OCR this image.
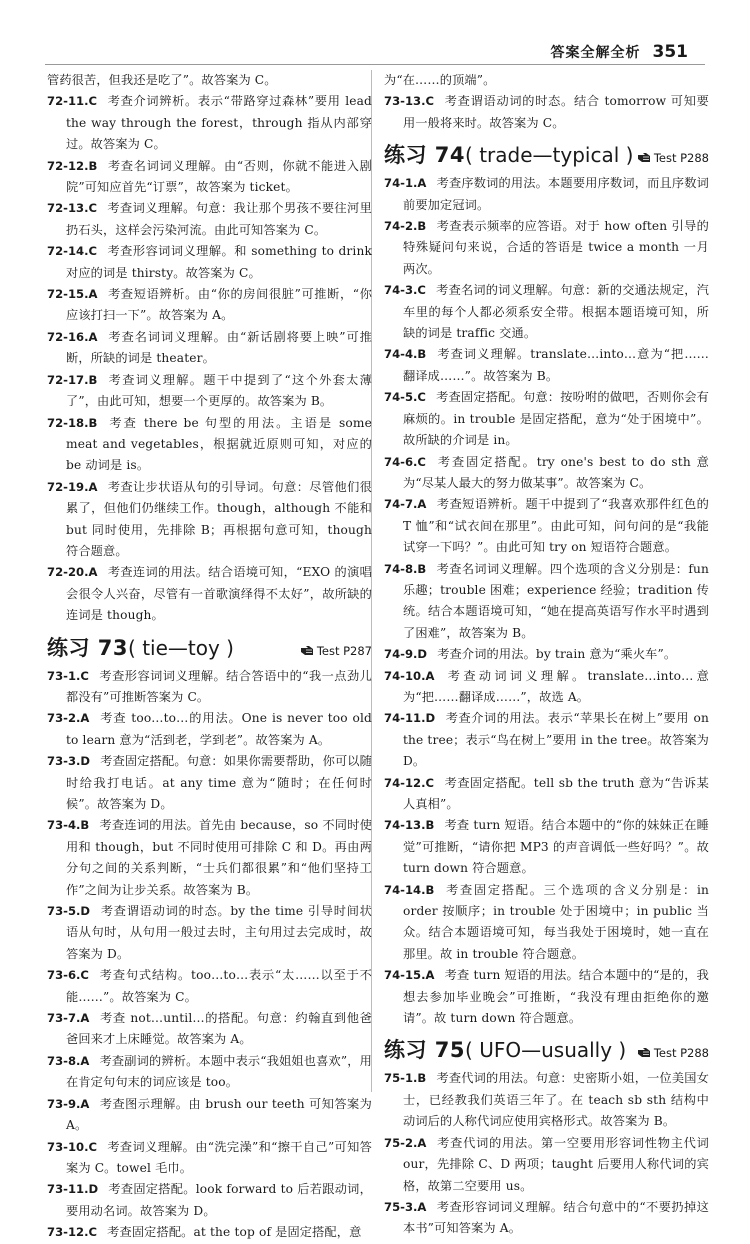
答案全解全析 351

管药很苦，但我还是吃了”。故答案为 C。

72-11.C 考查介词辨析。表示“带路穿过森林”要用 lead the way through the forest，through 指从内部穿过。故答案为 C。

72-12.B 考查名词词义理解。由“否则，你就不能进入剧院”可知应首先“订票”，故答案为 ticket。

72-13.C 考查词义理解。句意：我让那个男孩不要往河里扔石头，这样会污染河流。由此可知答案为 C。

72-14.C 考查形容词词义理解。和 something to drink 对应的词是 thirsty。故答案为 C。

72-15.A 考查短语辨析。由“你的房间很脏”可推断，“你应该打扫一下”。故答案为 A。

72-16.A 考查名词词义理解。由“新话剧将要上映”可推断，所缺的词是 theater。

72-17.B 考查词义理解。题干中提到了“这个外套太薄了”，由此可知，想要一个更厚的。故答案为 B。

72-18.B 考查 there be 句型的用法。主语是 some meat and vegetables，根据就近原则可知，对应的 be 动词是 is。

72-19.A 考查让步状语从句的引导词。句意：尽管他们很累了，但他们仍继续工作。though，although 不能和 but 同时使用，先排除 B；再根据句意可知，though 符合题意。

72-20.A 考查连词的用法。结合语境可知，“EXO 的演唱会很令人兴奋，尽管有一首歌演绎得不太好”，故所缺的连词是 though。

练习 73 ( tie—toy )	Test P287

73-1.C 考查形容词词义理解。结合答语中的“我一点劲儿都没有”可推断答案为 C。

73-2.A 考查 too…to…的用法。One is never too old to learn 意为“活到老，学到老”。故答案为 A。

73-3.D 考查固定搭配。句意：如果你需要帮助，你可以随时给我打电话。at any time 意为“随时；在任何时候”。故答案为 D。

73-4.B 考查连词的用法。首先由 because，so 不同时使用和 though，but 不同时使用可排除 C 和 D。再由两分句之间的关系判断，“士兵们都很累”和“他们坚持工作”之间为让步关系。故答案为 B。

73-5.D 考查谓语动词的时态。by the time 引导时间状语从句时，从句用一般过去时，主句用过去完成时，故答案为 D。

73-6.C 考查句式结构。too…to…表示“太……以至于不能……”。故答案为 C。

73-7.A 考查 not…until…的搭配。句意：约翰直到他爸爸回来才上床睡觉。故答案为 A。

73-8.A 考查副词的辨析。本题中表示“我姐姐也喜欢”，用在肯定句句末的词应该是 too。

73-9.A 考查图示理解。由 brush our teeth 可知答案为 A。

73-10.C 考查词义理解。由“洗完澡”和“擦干自己”可知答案为 C。towel 毛巾。

73-11.D 考查固定搭配。look forward to 后若跟动词，要用动名词。故答案为 D。

73-12.C 考查固定搭配。at the top of 是固定搭配，意

为“在……的顶端”。

73-13.C 考查谓语动词的时态。结合 tomorrow 可知要用一般将来时。故答案为 C。

练习 74 ( trade—typical ) Test P288

74-1.A 考查序数词的用法。本题要用序数词，而且序数词前要加定冠词。

74-2.B 考查表示频率的应答语。对于 how often 引导的特殊疑问句来说，合适的答语是 twice a month 一月两次。

74-3.C 考查名词的词义理解。句意：新的交通法规定，汽车里的每个人都必须系安全带。根据本题语境可知，所缺的词是 traffic 交通。

74-4.B 考查词义理解。translate…into…意为“把……翻译成……”。故答案为 B。

74-5.C 考查固定搭配。句意：按吩咐的做吧，否则你会有麻烦的。in trouble 是固定搭配，意为“处于困境中”。故所缺的介词是 in。

74-6.C 考查固定搭配。try one's best to do sth 意为“尽某人最大的努力做某事”。故答案为 C。

74-7.A 考查短语辨析。题干中提到了“我喜欢那件红色的 T 恤”和“试衣间在那里”。由此可知，问句问的是“我能试穿一下吗？”。由此可知 try on 短语符合题意。

74-8.B 考查名词词义理解。四个选项的含义分别是：fun 乐趣；trouble 困难；experience 经验；tradition 传统。结合本题语境可知，“她在提高英语写作水平时遇到了困难”，故答案为 B。

74-9.D 考查介词的用法。by train 意为“乘火车”。

74-10.A 考查动词词义理解。translate…into…意为“把……翻译成……”，故选 A。

74-11.D 考查介词的用法。表示“苹果长在树上”要用 on the tree；表示“鸟在树上”要用 in the tree。故答案为 D。

74-12.C 考查固定搭配。tell sb the truth 意为“告诉某人真相”。

74-13.B 考查 turn 短语。结合本题中的“你的妹妹正在睡觉”可推断，“请你把 MP3 的声音调低一些好吗？”。故 turn down 符合题意。

74-14.B 考查固定搭配。三个选项的含义分别是：in order 按顺序；in trouble 处于困境中；in public 当众。结合本题语境可知，每当我处于困境时，她一直在那里。故 in trouble 符合题意。

74-15.A 考查 turn 短语的用法。结合本题中的“是的，我想去参加毕业晚会”可推断，“我没有理由拒绝你的邀请”。故 turn down 符合题意。

练习 75 ( UFO—usually ) Test P288

75-1.B 考查代词的用法。句意：史密斯小姐，一位美国女士，已经教我们英语三年了。在 teach sb sth 结构中动词后的人称代词应使用宾格形式。故答案为 B。

75-2.A 考查代词的用法。第一空要用形容词性物主代词 our，先排除 C、D 两项；taught 后要用人称代词的宾格，故第二空要用 us。

75-3.A 考查形容词词义理解。结合句意中的“不要扔掉这本书”可知答案为 A。
